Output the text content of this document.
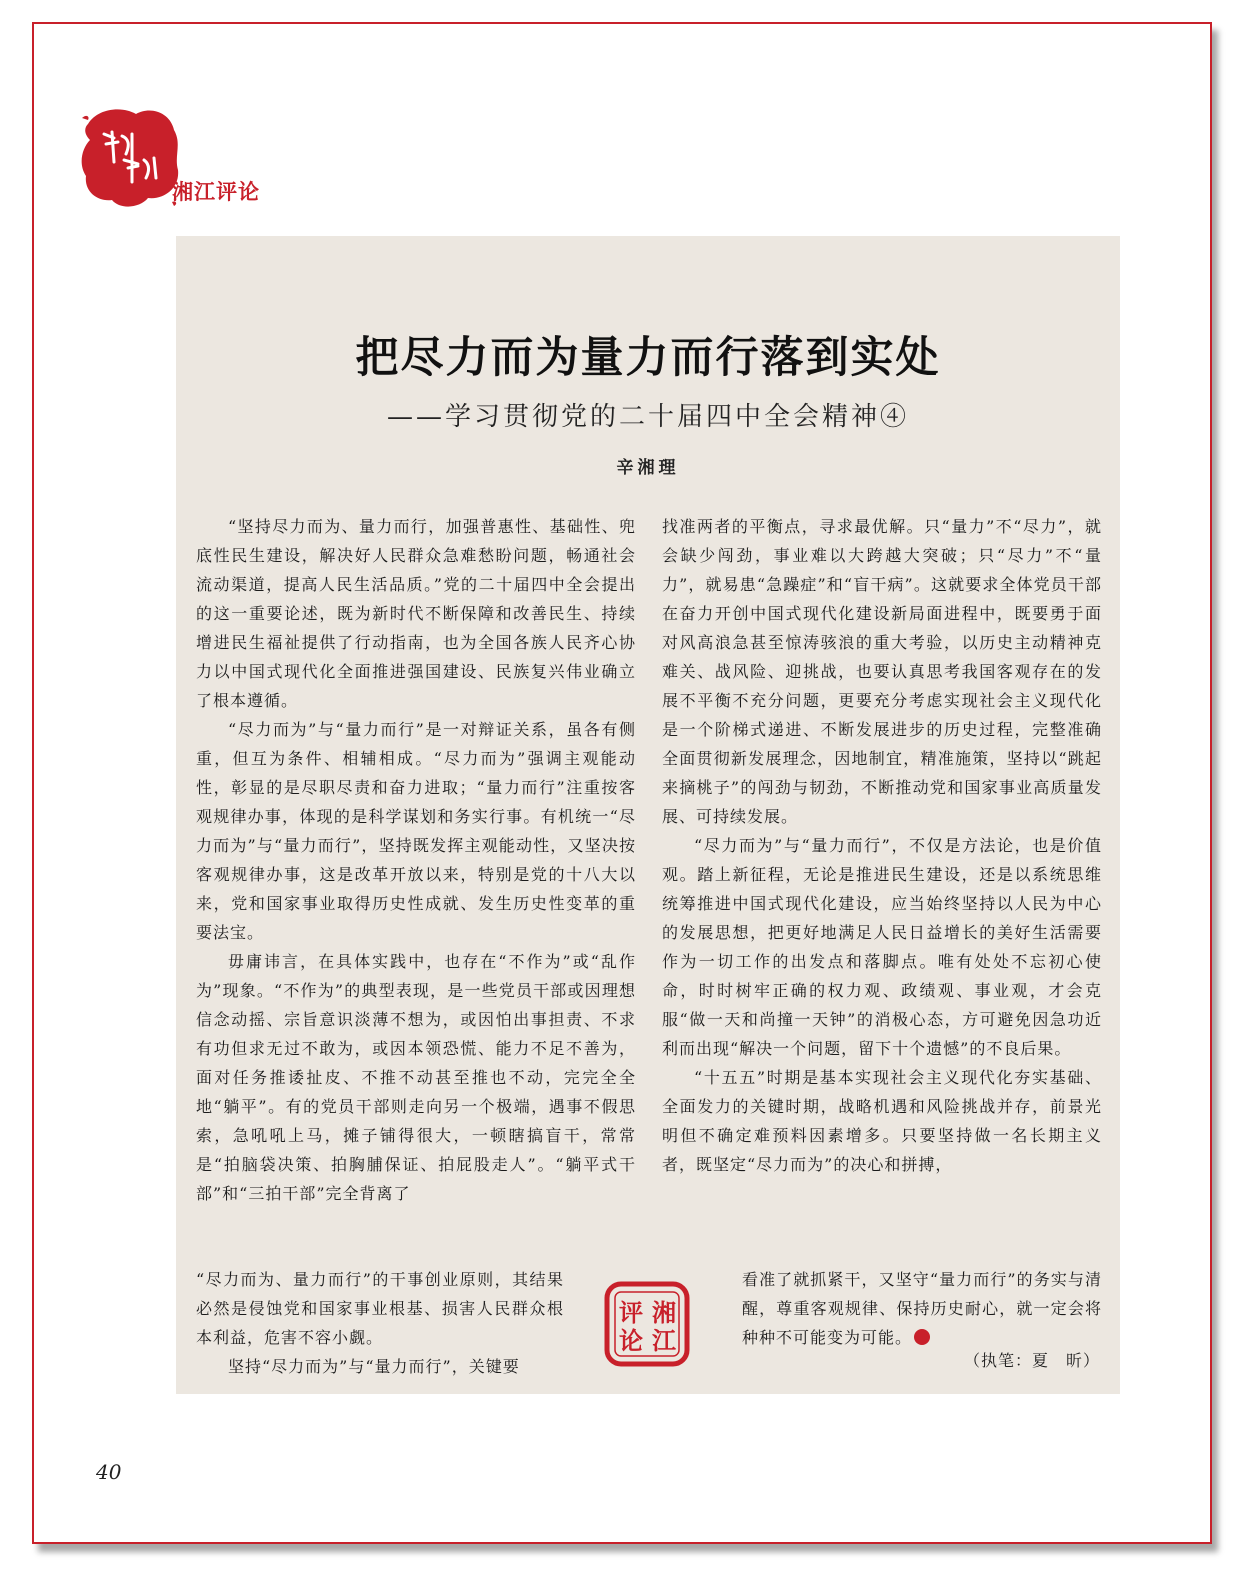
湘江评论
把尽力而为量力而行落到实处
——学习贯彻党的二十届四中全会精神④
辛湘理

“坚持尽力而为、量力而行，加强普惠性、基础性、兜底性民生建设，解决好人民群众急难愁盼问题，畅通社会流动渠道，提高人民生活品质。”党的二十届四中全会提出的这一重要论述，既为新时代不断保障和改善民生、持续增进民生福祉提供了行动指南，也为全国各族人民齐心协力以中国式现代化全面推进强国建设、民族复兴伟业确立了根本遵循。

“尽力而为”与“量力而行”是一对辩证关系，虽各有侧重，但互为条件、相辅相成。“尽力而为”强调主观能动性，彰显的是尽职尽责和奋力进取；“量力而行”注重按客观规律办事，体现的是科学谋划和务实行事。有机统一“尽力而为”与“量力而行”，坚持既发挥主观能动性，又坚决按客观规律办事，这是改革开放以来，特别是党的十八大以来，党和国家事业取得历史性成就、发生历史性变革的重要法宝。

毋庸讳言，在具体实践中，也存在“不作为”或“乱作为”现象。“不作为”的典型表现，是一些党员干部或因理想信念动摇、宗旨意识淡薄不想为，或因怕出事担责、不求有功但求无过不敢为，或因本领恐慌、能力不足不善为，面对任务推诿扯皮、不推不动甚至推也不动，完完全全地“躺平”。有的党员干部则走向另一个极端，遇事不假思索，急吼吼上马，摊子铺得很大，一顿瞎搞盲干，常常是“拍脑袋决策、拍胸脯保证、拍屁股走人”。“躺平式干部”和“三拍干部”完全背离了

“尽力而为、量力而行”的干事创业原则，其结果必然是侵蚀党和国家事业根基、损害人民群众根本利益，危害不容小觑。

坚持“尽力而为”与“量力而行”，关键要

湘
江
评
论

找准两者的平衡点，寻求最优解。只“量力”不“尽力”，就会缺少闯劲，事业难以大跨越大突破；只“尽力”不“量力”，就易患“急躁症”和“盲干病”。这就要求全体党员干部在奋力开创中国式现代化建设新局面进程中，既要勇于面对风高浪急甚至惊涛骇浪的重大考验，以历史主动精神克难关、战风险、迎挑战，也要认真思考我国客观存在的发展不平衡不充分问题，更要充分考虑实现社会主义现代化是一个阶梯式递进、不断发展进步的历史过程，完整准确全面贯彻新发展理念，因地制宜，精准施策，坚持以“跳起来摘桃子”的闯劲与韧劲，不断推动党和国家事业高质量发展、可持续发展。

“尽力而为”与“量力而行”，不仅是方法论，也是价值观。踏上新征程，无论是推进民生建设，还是以系统思维统筹推进中国式现代化建设，应当始终坚持以人民为中心的发展思想，把更好地满足人民日益增长的美好生活需要作为一切工作的出发点和落脚点。唯有处处不忘初心使命，时时树牢正确的权力观、政绩观、事业观，才会克服“做一天和尚撞一天钟”的消极心态，方可避免因急功近利而出现“解决一个问题，留下十个遗憾”的不良后果。

“十五五”时期是基本实现社会主义现代化夯实基础、全面发力的关键时期，战略机遇和风险挑战并存，前景光明但不确定难预料因素增多。只要坚持做一名长期主义者，既坚定“尽力而为”的决心和拼搏，

看准了就抓紧干，又坚守“量力而行”的务实与清醒，尊重客观规律、保持历史耐心，就一定会将种种不可能变为可能。

（执笔：夏　昕）
40
